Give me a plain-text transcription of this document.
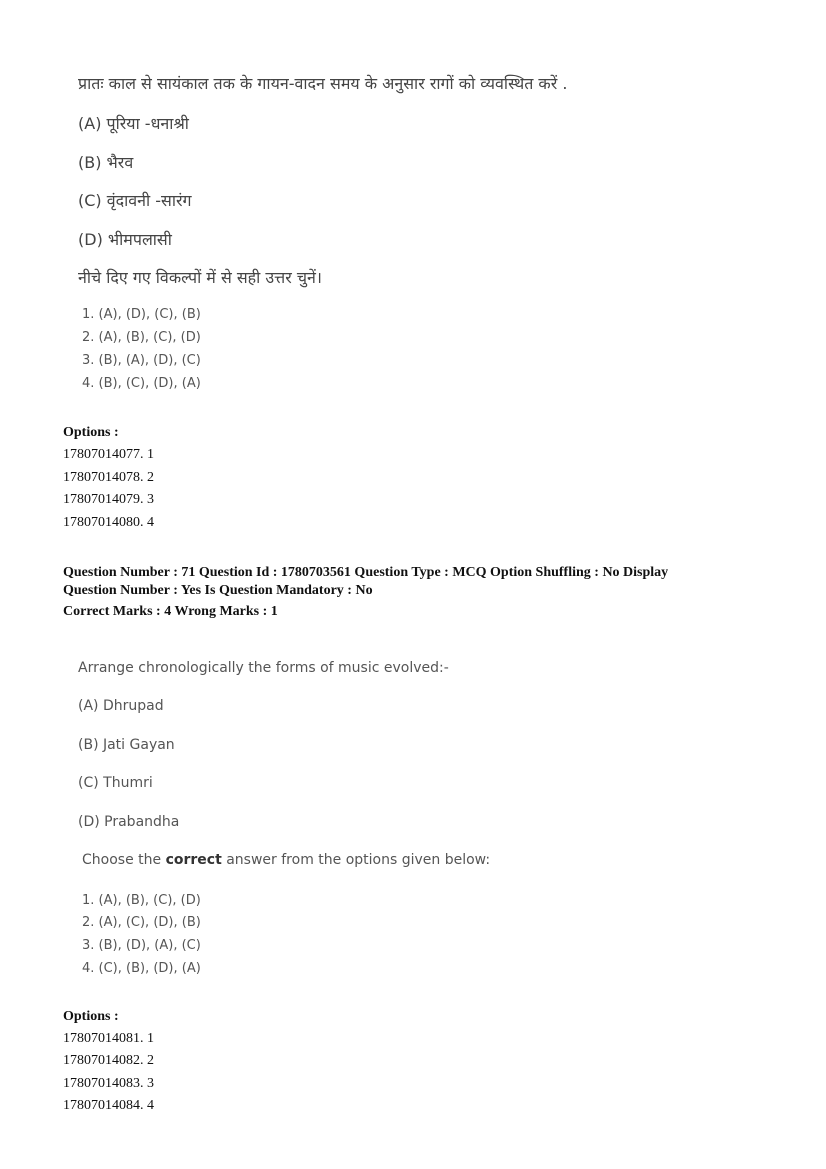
प्रातः काल से सायंकाल तक के गायन-वादन समय के अनुसार रागों को व्यवस्थित करें .
(A) पूरिया -धनाश्री
(B) भैरव
(C) वृंदावनी -सारंग
(D) भीमपलासी
नीचे दिए गए विकल्पों में से सही उत्तर चुनें।
1. (A), (D), (C), (B)
2. (A), (B), (C), (D)
3. (B), (A), (D), (C)
4. (B), (C), (D), (A)
Options :
17807014077. 1
17807014078. 2
17807014079. 3
17807014080. 4
Question Number : 71 Question Id : 1780703561 Question Type : MCQ Option Shuffling : No Display
Question Number : Yes Is Question Mandatory : No
Correct Marks : 4 Wrong Marks : 1
Arrange chronologically the forms of music evolved:-
(A) Dhrupad
(B) Jati Gayan
(C) Thumri
(D) Prabandha
Choose the correct answer from the options given below:
1. (A), (B), (C), (D)
2. (A), (C), (D), (B)
3. (B), (D), (A), (C)
4. (C), (B), (D), (A)
Options :
17807014081. 1
17807014082. 2
17807014083. 3
17807014084. 4
